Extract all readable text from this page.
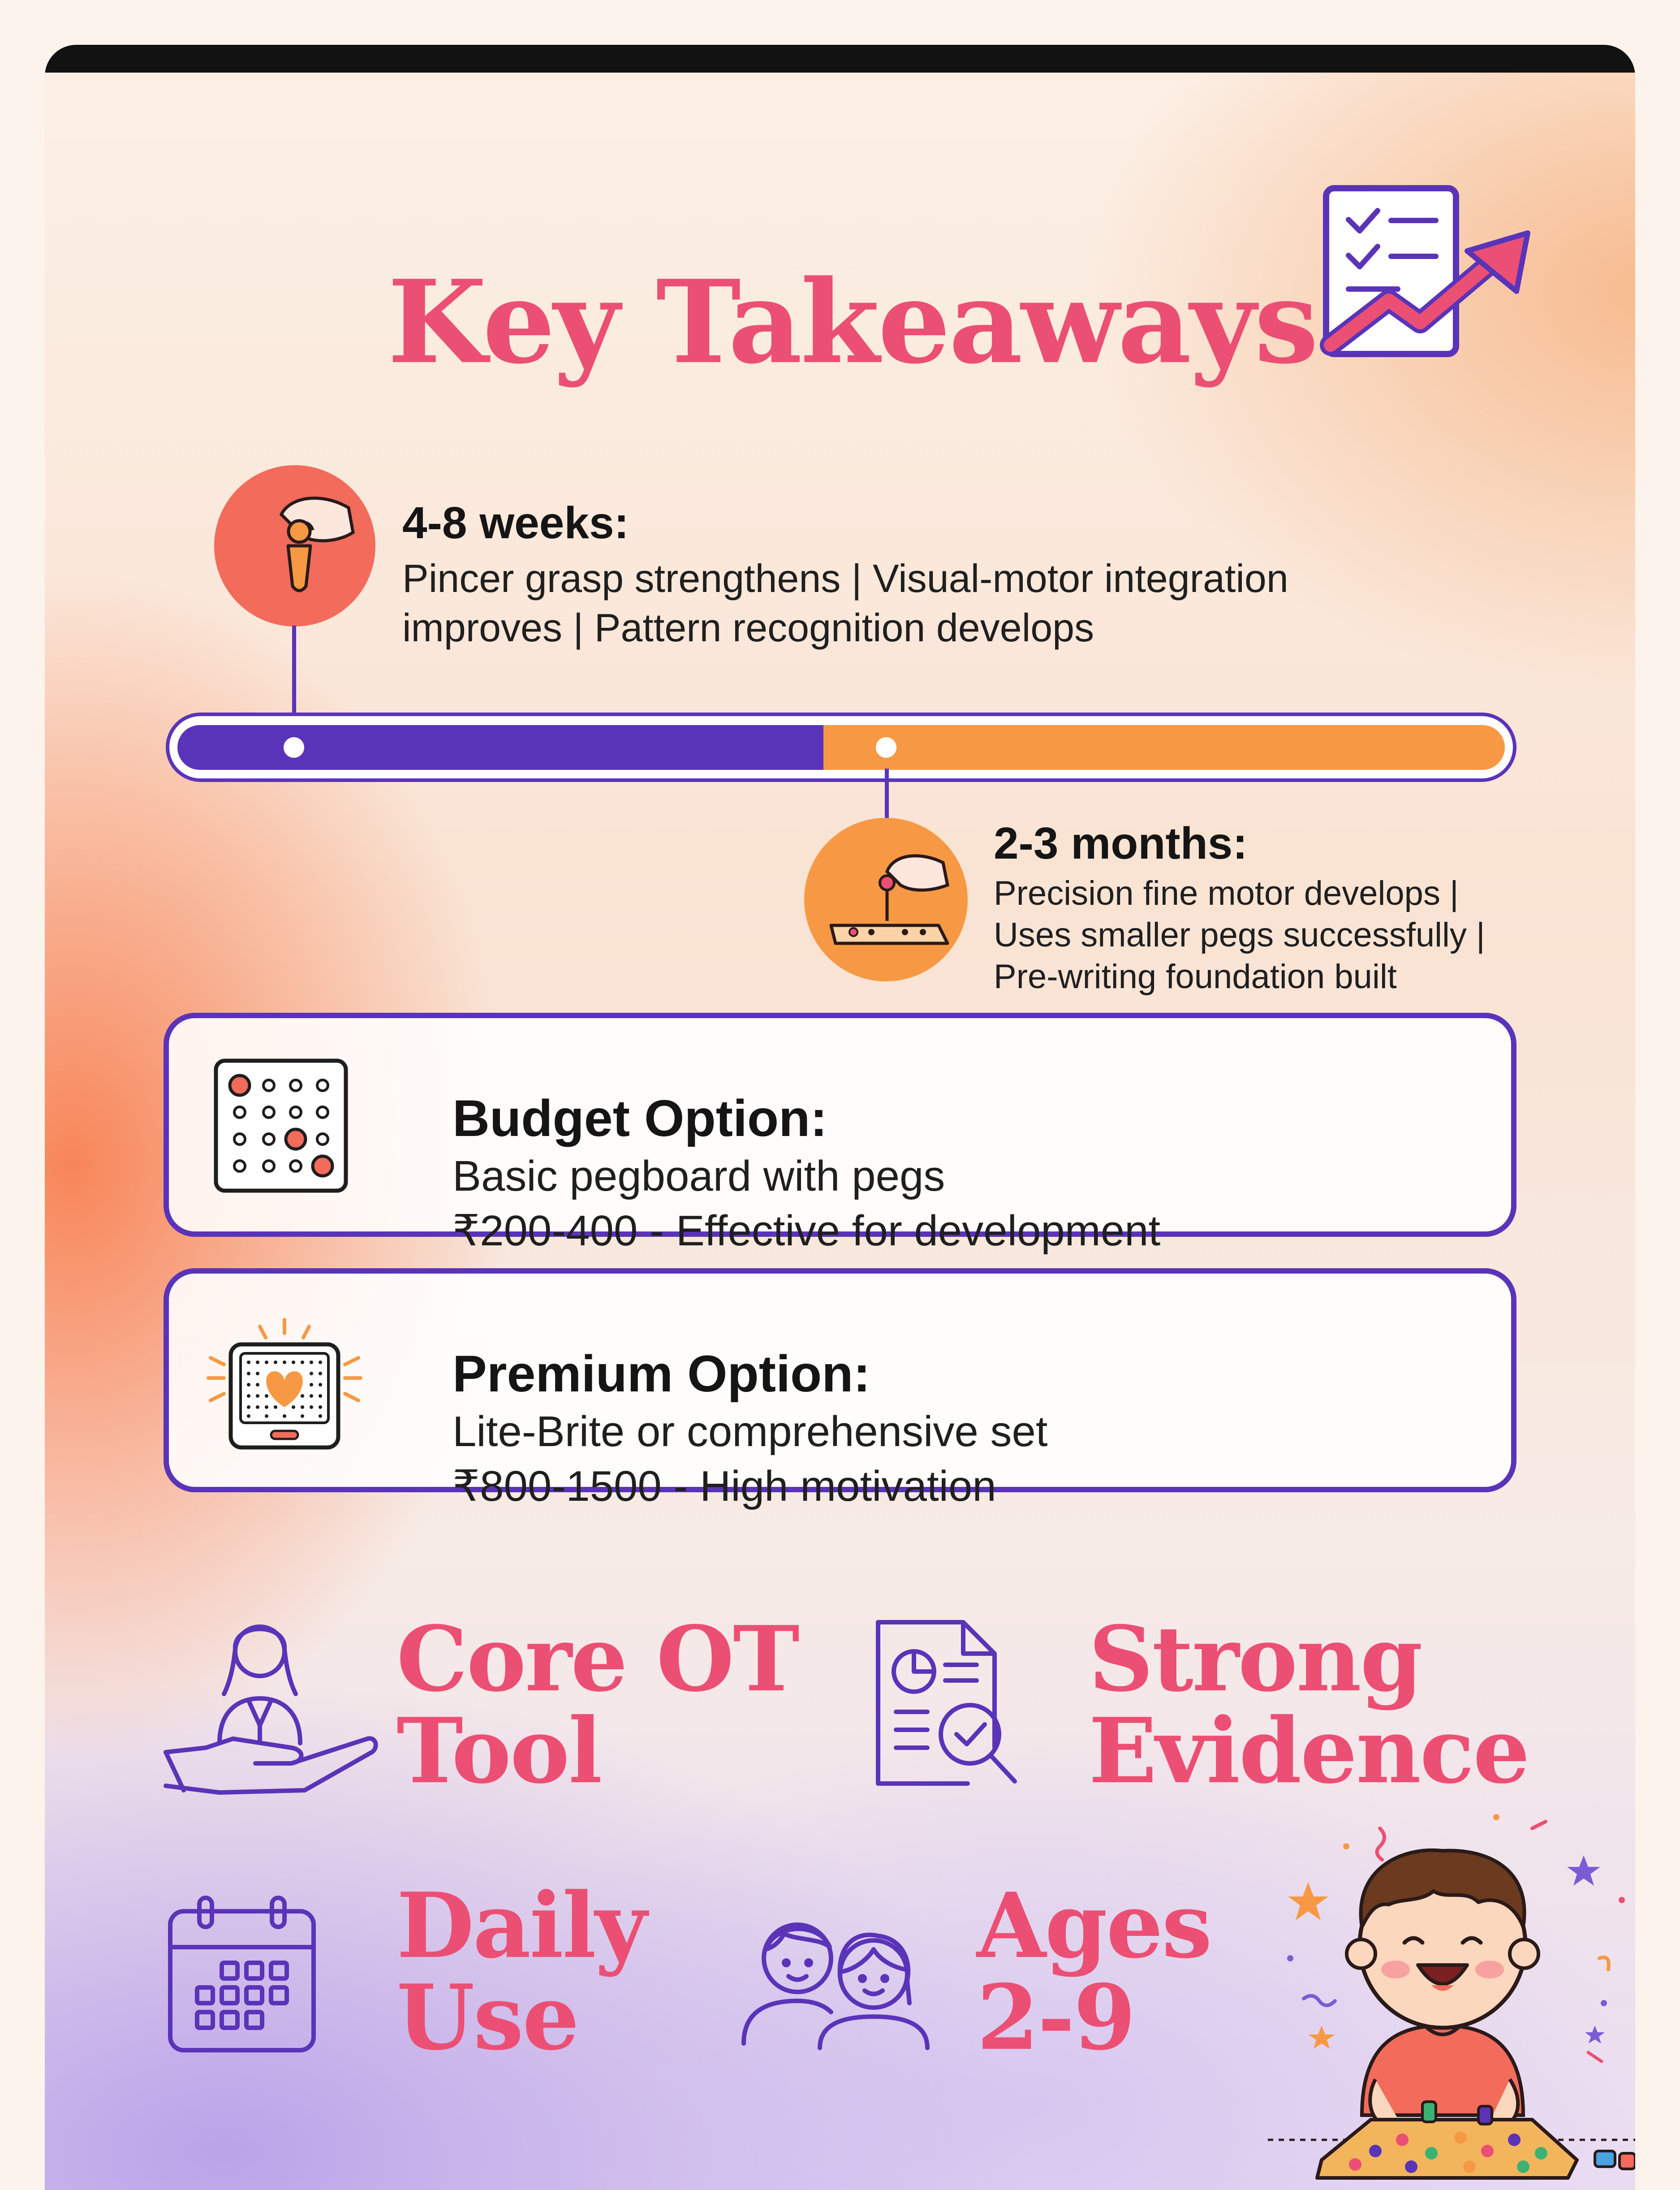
Key Takeaways
4-8 weeks:
Pincer grasp strengthens | Visual-motor integration
improves | Pattern recognition develops
2-3 months:
Precision fine motor develops |
Uses smaller pegs successfully |
Pre-writing foundation built
Budget Option:
Basic pegboard with pegs
₹200-400 - Effective for development
Premium Option:
Lite-Brite or comprehensive set
₹800-1500 - High motivation
Core OT
Tool
Strong
Evidence
Daily
Use
Ages
2-9
